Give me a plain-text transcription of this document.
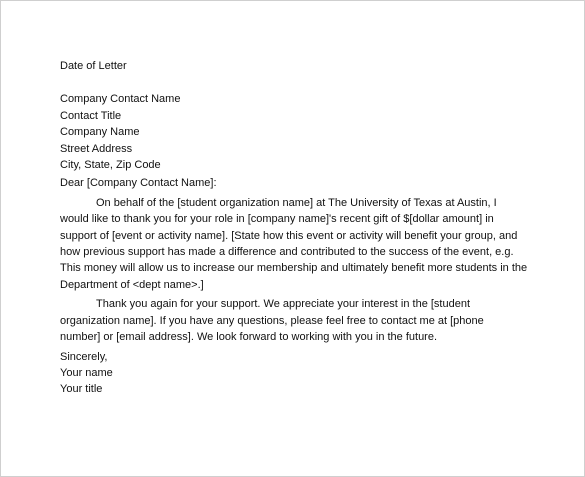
Date of Letter
Company Contact Name
Contact Title
Company Name
Street Address
City, State, Zip Code
Dear [Company Contact Name]:
On behalf of the [student organization name] at The University of Texas at Austin, I
would like to thank you for your role in [company name]'s recent gift of $[dollar amount] in
support of [event or activity name]. [State how this event or activity will benefit your group, and
how previous support has made a difference and contributed to the success of the event, e.g.
This money will allow us to increase our membership and ultimately benefit more students in the
Department of <dept name>.]
Thank you again for your support. We appreciate your interest in the [student
organization name]. If you have any questions, please feel free to contact me at [phone
number] or [email address]. We look forward to working with you in the future.
Sincerely,
Your name
Your title
